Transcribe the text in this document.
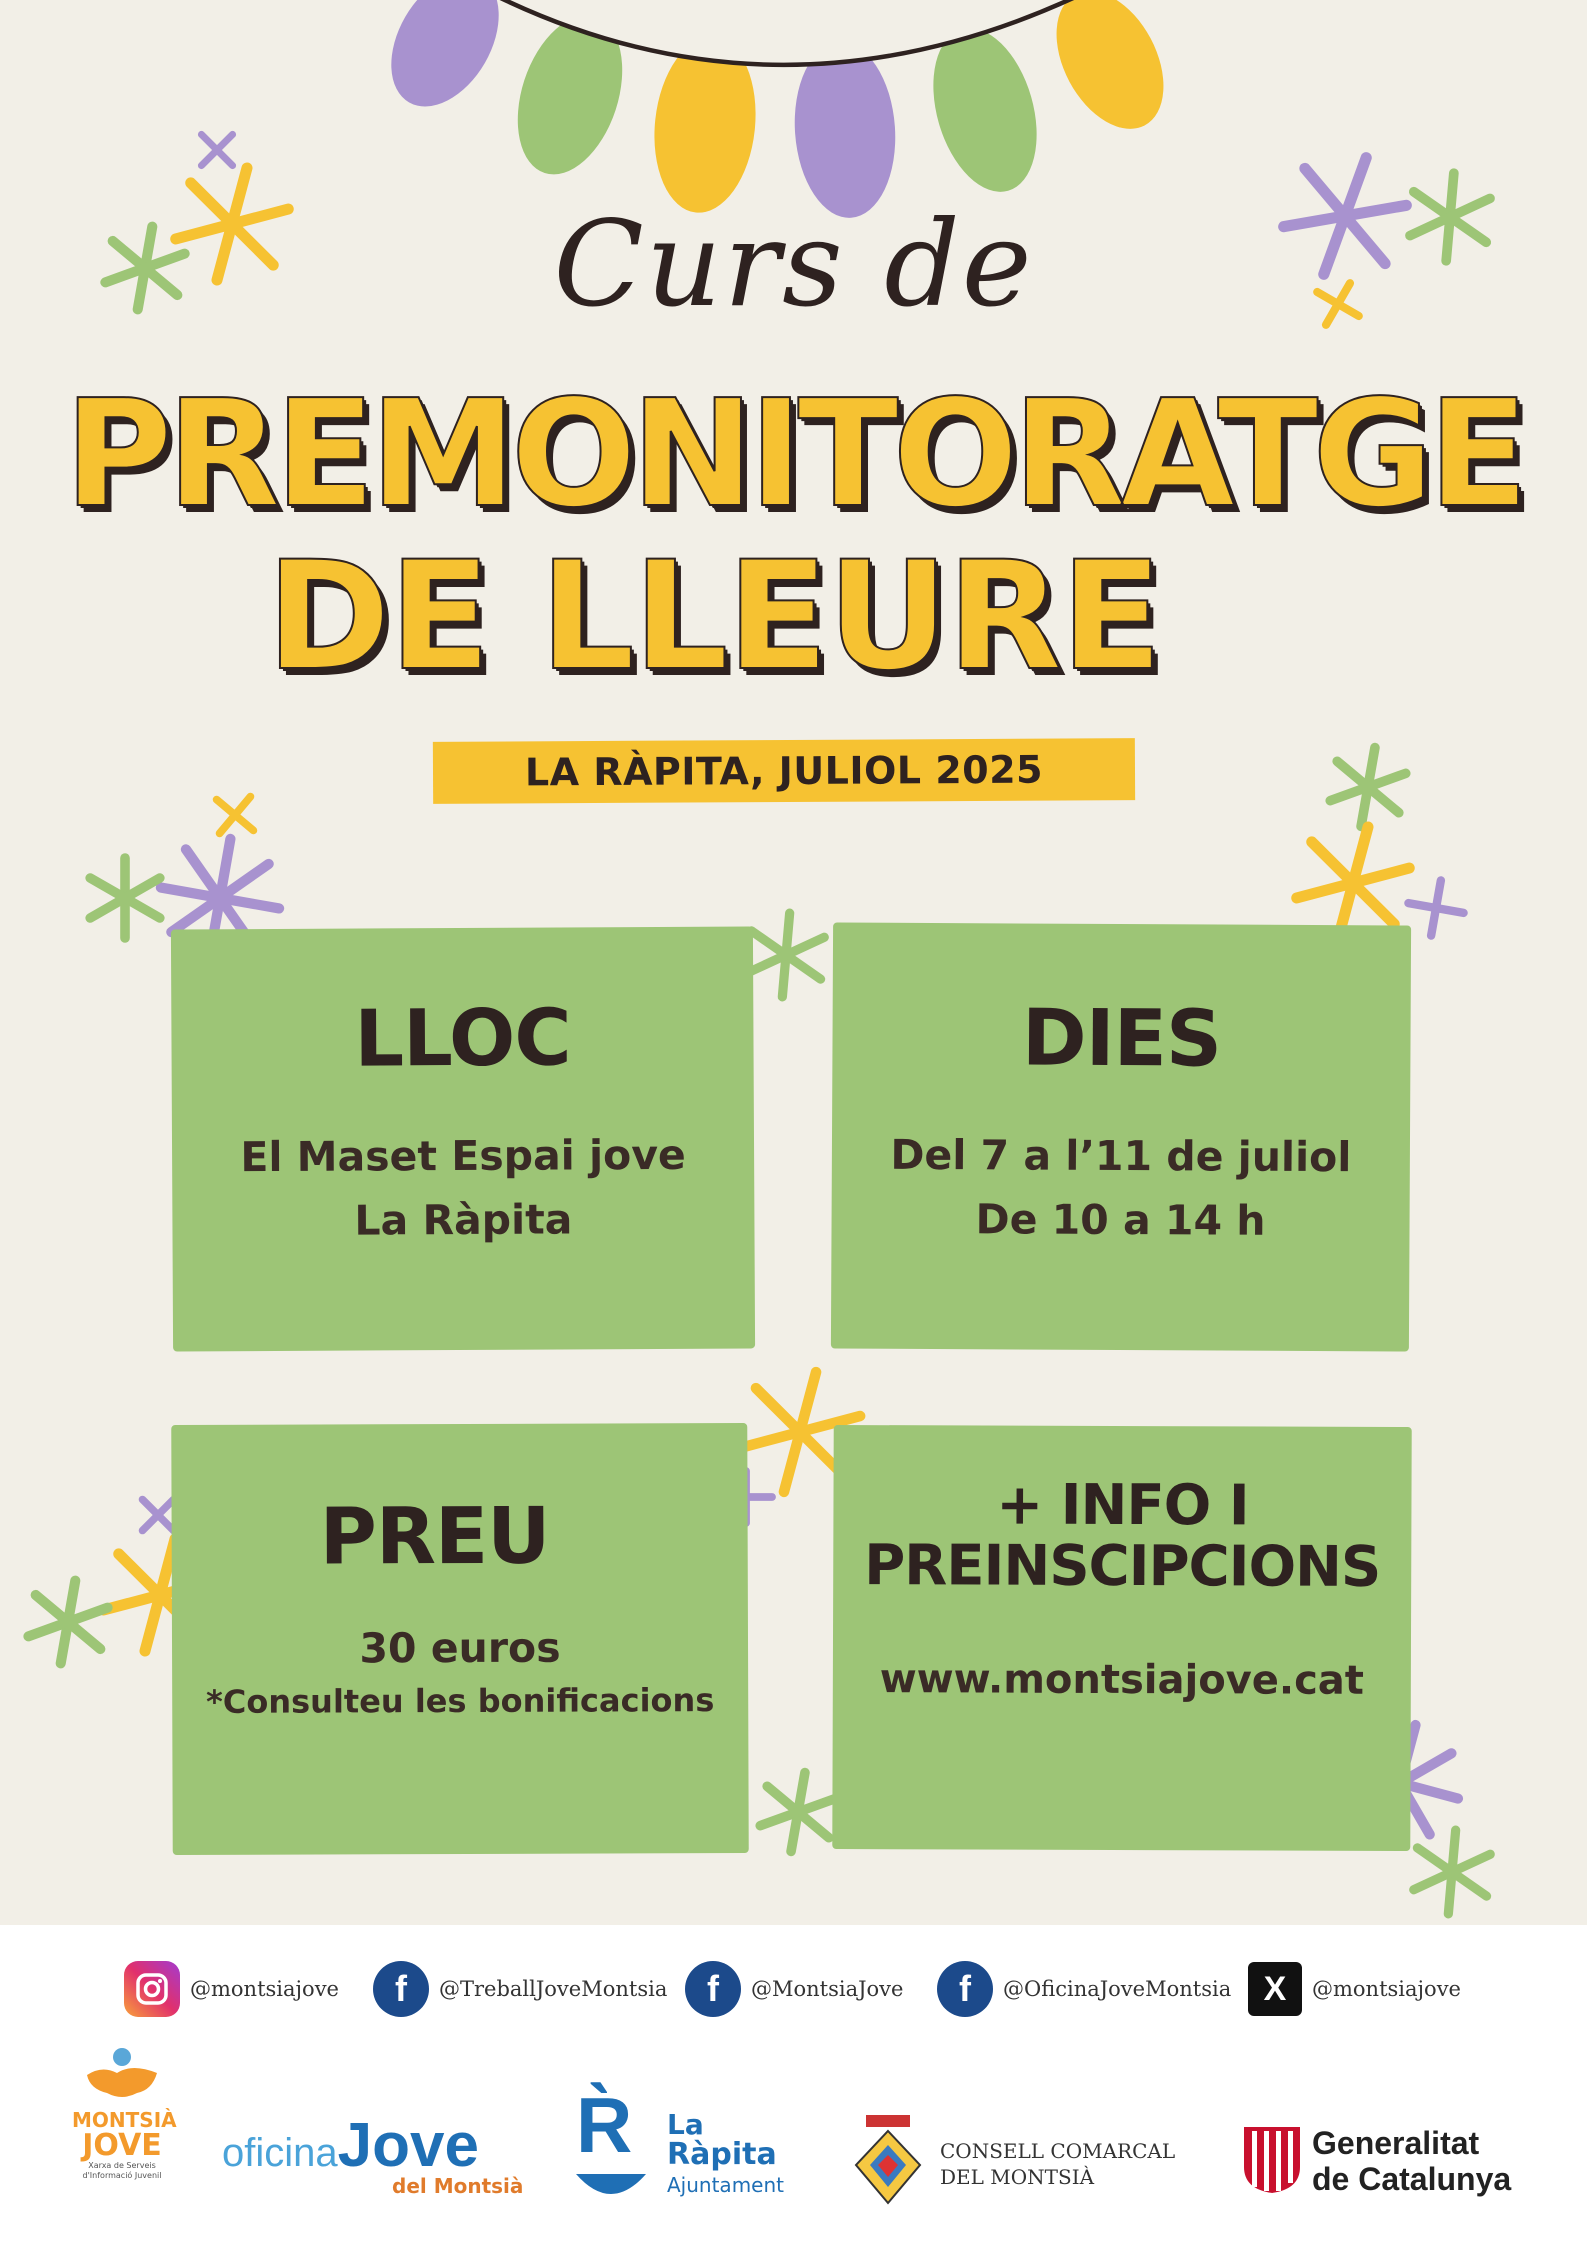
Curs de
PREMONITORATGE
DE LLEURE
LA RÀPITA, JULIOL 2025
LLOC
El Maset Espai jove
La Ràpita
DIES
Del 7 a l’11 de juliol
De 10 a 14 h
PREU
30 euros
*Consulteu les bonificacions
+ INFO I
PREINSCIPCIONS
www.montsiajove.cat
@montsiajove f @TreballJoveMontsia f @MontsiaJove f @OficinaJoveMontsia X @montsiajove
MONTSIÀ
JOVE
Xarxa de Serveis d'Informació Juvenil
oficinaJove
del Montsià
R̀	La
Ràpita
Ajuntament
CONSELL COMARCAL
DEL MONTSIÀ
Generalitat
de Catalunya
